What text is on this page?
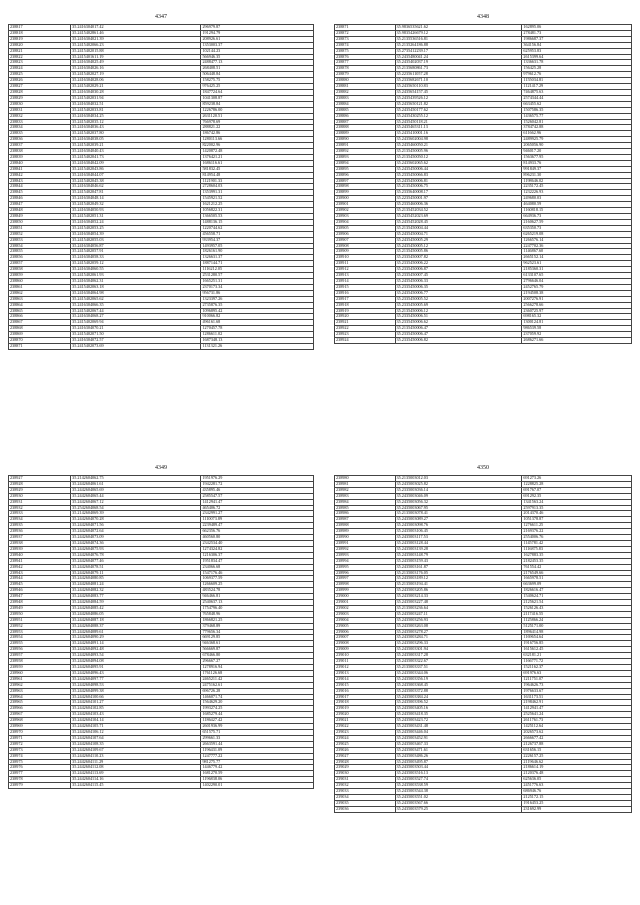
4347
238817	35.2416304017.42	296979.87
238818	35.2415402861.46	191294.79
238819	35.2416304021.39	208926.61
238820	35.2415402066.23	1353003.37
238821	35.2415402015.88	102144.23
238822	35.2415401611.19	566946.35
238823	35.2416304025.49	2488477.13
238824	35.2416304026.16	268408.51
238825	35.2415402027.19	506448.84
238826	35.2416304028.06	158275.75
238827	35.2415402029.21	976425.25
238828	35.2416304030.28	1847724.64
238829	35.2415402031.94	1041308.87
238830	35.2416304032.51	859238.84
238831	35.2415402033.81	1226786.00
238832	35.2416304034.25	2631120.51
238833	35.2415402035.12	766978.69
238834	35.2416304036.43	288821.22
238835	35.2415402037.80	186742.86
238836	35.2416304038.05	1280113.66
238837	35.2415402039.21	822002.96
238838	35.2416304040.43	1420872.48
238839	35.2415402041.73	1376421.21
238840	35.2416304042.09	1686116.61
238841	35.2415402043.86	581832.45
238842	35.2416304044.07	814954.48
238843	35.2415402045.38	1121901.33
238844	35.2416304046.62	2728604.03
238845	35.2415402047.81	1353991.31
238846	35.2416304048.14	1545921.52
238847	35.2415402049.32	1621212.25
238848	35.2416304050.93	1056822.31
238849	35.2415402051.31	1366505.53
238850	35.2416304052.24	1488136.15
238851	35.2415402053.25	1220744.62
238852	35.2416304054.39	456558.71
238853	35.2415402055.03	933954.37
238854	35.2416304056.87	1493957.05
238855	35.2415402057.91	1826161.90
238856	35.2416304058.33	1326631.37
238857	35.2415402059.12	1887144.71
238858	35.2416304060.55	1116212.05
238859	35.2415402061.93	2531280.57
238860	35.2416304062.31	1665251.31
238861	35.2415402063.18	2370173.34
238862	35.2416304064.98	956731.86
238863	35.2415402065.62	1323397.26
238864	35.2416304066.35	2735876.35
238865	35.2415402067.44	1096895.42
238866	35.2416304068.27	910066.82
238867	35.2415402069.94	496161.68
238868	35.2416304070.21	1270457.78
238869	35.2415402071.50	1286611.02
238870	35.2416304072.57	1687348.13
238871	35.2415402073.69	1131321.26
4348
238871	35.9836535621.62	162895.06
238872	35.9835426679.12	278481.73
238873	35.2135536516.81	1986687.37
238874	35.2135264186.88	364156.84
238875	35.2735412239.17	625953.83
238876	35.2435480041.24	2615399.64
238877	35.2435402037.19	1336631.78
238878	35.2135680861.73	156425.28
238879	35.2235611057.28	979612.76
238880	35.2335682671.10	1155034.81
238881	35.2435650110.83	1121417.29
238882	35.2435654157.45	7464875.63
238883	35.2435439526.12	2574344.44
238884	35.2435650121.82	663455.62
238885	35.2435450177.62	1507586.35
238886	35.2435430255.12	1436575.77
238887	35.2435450118.21	1526042.81
238888	35.2435465311.13	3784742.88
238889	35.2435410001.16	611662.96
238890	35.2435602004.98	2489925.79
238891	35.2435460050.21	2065056.90
238892	35.2135450005.96	946017.20
238893	35.2135450050.12	1563677.95
238894	35.2435602065.62	814933.76
238895	35.2435450006.44	991849.37
238896	35.2335450066.83	896231.30
238897	35.2435450006.81	1198646.02
238898	35.2135450006.75	2235172.45
238899	35.2335640008.17	1232226.93
238900	35.2235450001.97	249680.03
238901	35.2335460006.36	464080.59
238902	35.2135452034.52	1160818.15
238903	35.2435452023.69	664936.73
238904	35.2435452028.45	2160627.59
238905	35.2135450004.44	635350.73
238906	35.2435450004.71	6265219.08
238907	35.2435450005.29	1266576.14
238908	35.2435450005.12	2247702.36
238909	35.2135450005.86	1146867.60
238910	35.2335450007.82	2665152.14
238911	35.2335450006.22	962523.61
238912	35.2335450006.87	2185360.31
238913	35.2335450007.45	6133107.65
238914	35.2435450006.33	2796646.04
238915	35.2335450006.35	2452765.79
238916	35.2435450006.77	2194508.38
238917	35.2335450005.52	2007276.91
238918	35.2335450005.69	2566278.66
238919	35.2135450006.12	2360725.97
238920	35.2335450006.51	698165.32
238921	35.2335450006.62	1300124.81
238922	35.2135450006.47	986539.58
238923	35.2335450006.47	237059.92
238924	35.2335450006.82	2686271.66
4349
238927	35.2142604062.75	1951976.29
238928	35.2442604061.61	1942281.72
238929	35.2442604065.69	435895.46
238930	35.2442604065.44	2585547.57
238931	35.2442604067.12	1412941.47
238932	35.2542604068.54	465406.72
238933	35.2142604069.39	2342991.27
238934	35.2442604070.28	1110073.89
238935	35.2442604071.56	2239489.47
238936	35.2442604072.64	662356.76
238937	35.2442604073.09	460560.80
238938	35.2442604074.36	2342534.40
238939	35.2442604075.93	1274324.82
238940	35.2442604076.78	1216306.37
238941	35.2442604077.46	1951834.47
238942	35.2442604078.51	234066.68
238943	35.2442604079.11	1547176.46
238944	35.2442604080.85	1069377.59
238945	35.2442604081.24	1266609.25
238946	35.2442604082.32	483524.78
238947	35.2442604083.77	946466.81
238948	35.2442604084.59	2540637.13
238949	35.2442604085.42	1754796.40
238950	35.2442604086.05	765848.96
238951	35.2442604087.18	1866821.25
238952	35.2442604088.37	379468.89
238953	35.2442604089.61	779656.34
238954	35.2442604090.29	669129.85
238955	35.2442604091.14	946368.61
238956	35.2442604092.48	566669.87
238957	35.2442604093.54	678466.80
238958	35.2442604094.08	296667.27
238959	35.2442604095.91	1278916.94
238960	35.2442604096.43	1761126.68
238961	35.2442604097.77	2465211.42
238962	35.2442604098.53	2475162.61
238963	35.2442604099.38	696726.28
238964	35.2442604100.66	1466071.74
238965	35.2442604101.27	1564629.20
238966	35.2442604102.85	1993274.25
238967	35.2442604103.43	1685279.44
238968	35.2442604104.14	1186427.42
238969	35.2442604105.71	2601936.99
238970	35.2442604106.12	651575.71
238971	35.2442604107.64	299661.33
238972	35.2442604108.35	2663591.44
238973	35.2442604109.67	1196431.09
238974	35.2442604110.23	1247777.22
238975	35.2442604111.29	981275.77
238976	35.2442604112.08	1446779.42
238977	35.2442604113.69	1681270.59
238978	35.2442604114.16	1196838.06
238979	35.2442604115.45	1402290.01
4350
238980	35.2135003012.03	691273.26
238981	35.2435003025.82	1228825.28
238982	35.2335003036.14	691767.07
238983	35.2435003046.09	691292.35
238984	35.2435003056.32	1341563.24
238985	35.2435003067.95	2597913.35
238986	35.2135003078.41	2014370.46
238987	35.2435003089.27	1051378.87
238988	35.2435003098.76	1276611.25
238989	35.2435003106.45	2169376.22
238990	35.2435003117.53	2554006.76
238991	35.2435003128.44	1145781.42
238992	35.2435003139.28	1116875.83
238993	35.2435003148.79	1627883.35
238994	35.2435003159.43	2182453.35
238995	35.2435003161.87	761554.42
238996	35.2135003176.05	2176549.66
238997	35.2435003189.12	1665978.51
238998	35.2135003194.41	663699.09
238999	35.2435003205.86	1826616.47
239000	35.2435003214.33	1540624.71
239001	35.2435003227.48	2125621.54
239002	35.2135003236.64	1526126.43
239003	35.2435003247.11	2117416.55
239004	35.2435003256.93	1125866.24
239005	35.2435003263.08	5125171.00
239006	35.2435003278.27	1896414.98
239007	35.2435003284.71	1169654.64
239008	35.2435003296.33	1916756.85
239009	35.2435003301.94	1615612.45
239010	35.2435003317.28	632181.21
239011	35.2435003322.67	1166771.72
239012	35.2135003337.51	1521162.37
239013	35.2435003344.06	691976.63
239014	35.2435003356.19	1211751.07
239015	35.2435003368.45	1964626.73
239016	35.2435003372.88	1976633.67
239017	35.2435003384.24	1631173.51
239018	35.2435003396.52	2198462.91
239019	35.2435003405.16	1412941.47
239020	35.2435003418.35	2525641.24
239021	35.2435003423.72	2611761.73
239022	35.2435003431.48	1425112.64
239023	35.2435003446.04	2026573.62
239024	35.2435003452.91	2666677.42
239025	35.2435003467.33	2126737.88
239026	35.2435003471.61	631656.15
239027	35.2435003486.26	2226157.25
239028	35.2435003495.87	2119646.62
239029	35.2435003503.44	2186614.19
239030	35.2435003516.13	2120376.48
239031	35.2435003527.74	625636.05
239032	35.2435003538.59	2451776.63
239033	35.2435003544.38	686946.76
239034	35.2435003551.02	2125172.15
239035	35.2435003567.66	1916453.25
239036	35.2435003579.25	231692.99
